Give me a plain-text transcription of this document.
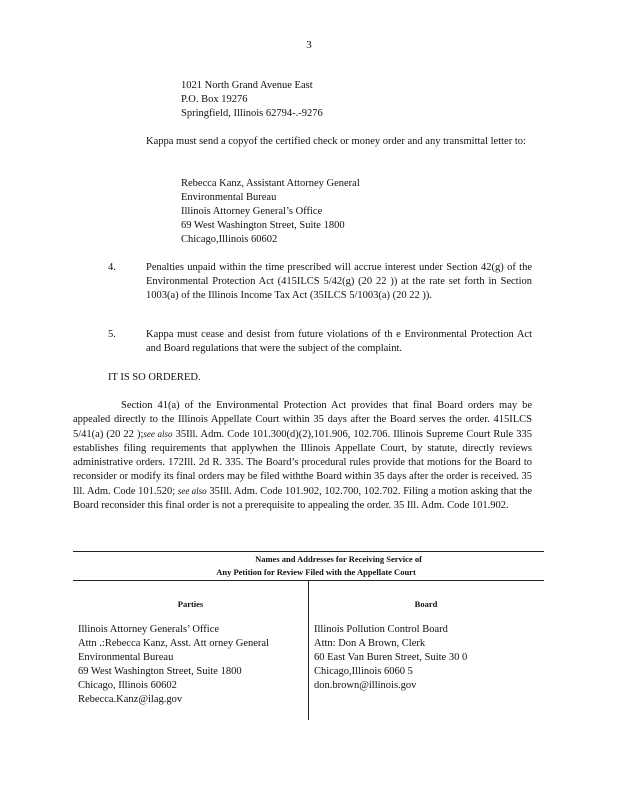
3
1021 North Grand Avenue East
P.O. Box 19276
Springfield, Illinois 62794-.-9276
Kappa must send a copyof the certified check or money order and any transmittal letter to:
Rebecca Kanz, Assistant Attorney General
Environmental Bureau
Illinois Attorney General’s Office
69 West Washington Street, Suite 1800
Chicago,Illinois 60602
4.	Penalties unpaid within the time prescribed will accrue interest under Section 42(g) of the Environmental Protection Act (415ILCS 5/42(g) (20 22 )) at the rate set forth in Section 1003(a) of the Illinois Income Tax Act (35ILCS 5/1003(a) (20 22 )).
5.	Kappa must cease and desist from future violations of th e Environmental Protection Act and Board regulations that were the subject of the complaint.
IT IS SO ORDERED.
Section 41(a) of the Environmental Protection Act provides that final Board orders may be appealed directly to the Illinois Appellate Court within 35 days after the Board serves the order. 415ILCS 5/41(a) (20 22 );see also 35Ill. Adm. Code 101.300(d)(2),101.906, 102.706. Illinois Supreme Court Rule 335 establishes filing requirements that applywhen the Illinois Appellate Court, by statute, directly reviews administrative orders. 172Ill. 2d R. 335. The Board’s procedural rules provide that motions for the Board to reconsider or modify its final orders may be filed withthe Board within 35 days after the order is received. 35 Ill. Adm. Code 101.520; see also 35Ill. Adm. Code 101.902, 102.700, 102.702. Filing a motion asking that the Board reconsider this final order is not a prerequisite to appealing the order. 35 Ill. Adm. Code 101.902.
Names and Addresses for Receiving Service of
Any Petition for Review Filed with the Appellate Court
Parties	Board
Illinois Attorney Generals’ Office
Attn .:Rebecca Kanz, Asst. Att orney General
Environmental Bureau
69 West Washington Street, Suite 1800
Chicago, Illinois 60602
Rebecca.Kanz@ilag.gov
Illinois Pollution Control Board
Attn: Don A Brown, Clerk
60 East Van Buren Street, Suite 30 0
Chicago,Illinois 6060 5
don.brown@illinois.gov
